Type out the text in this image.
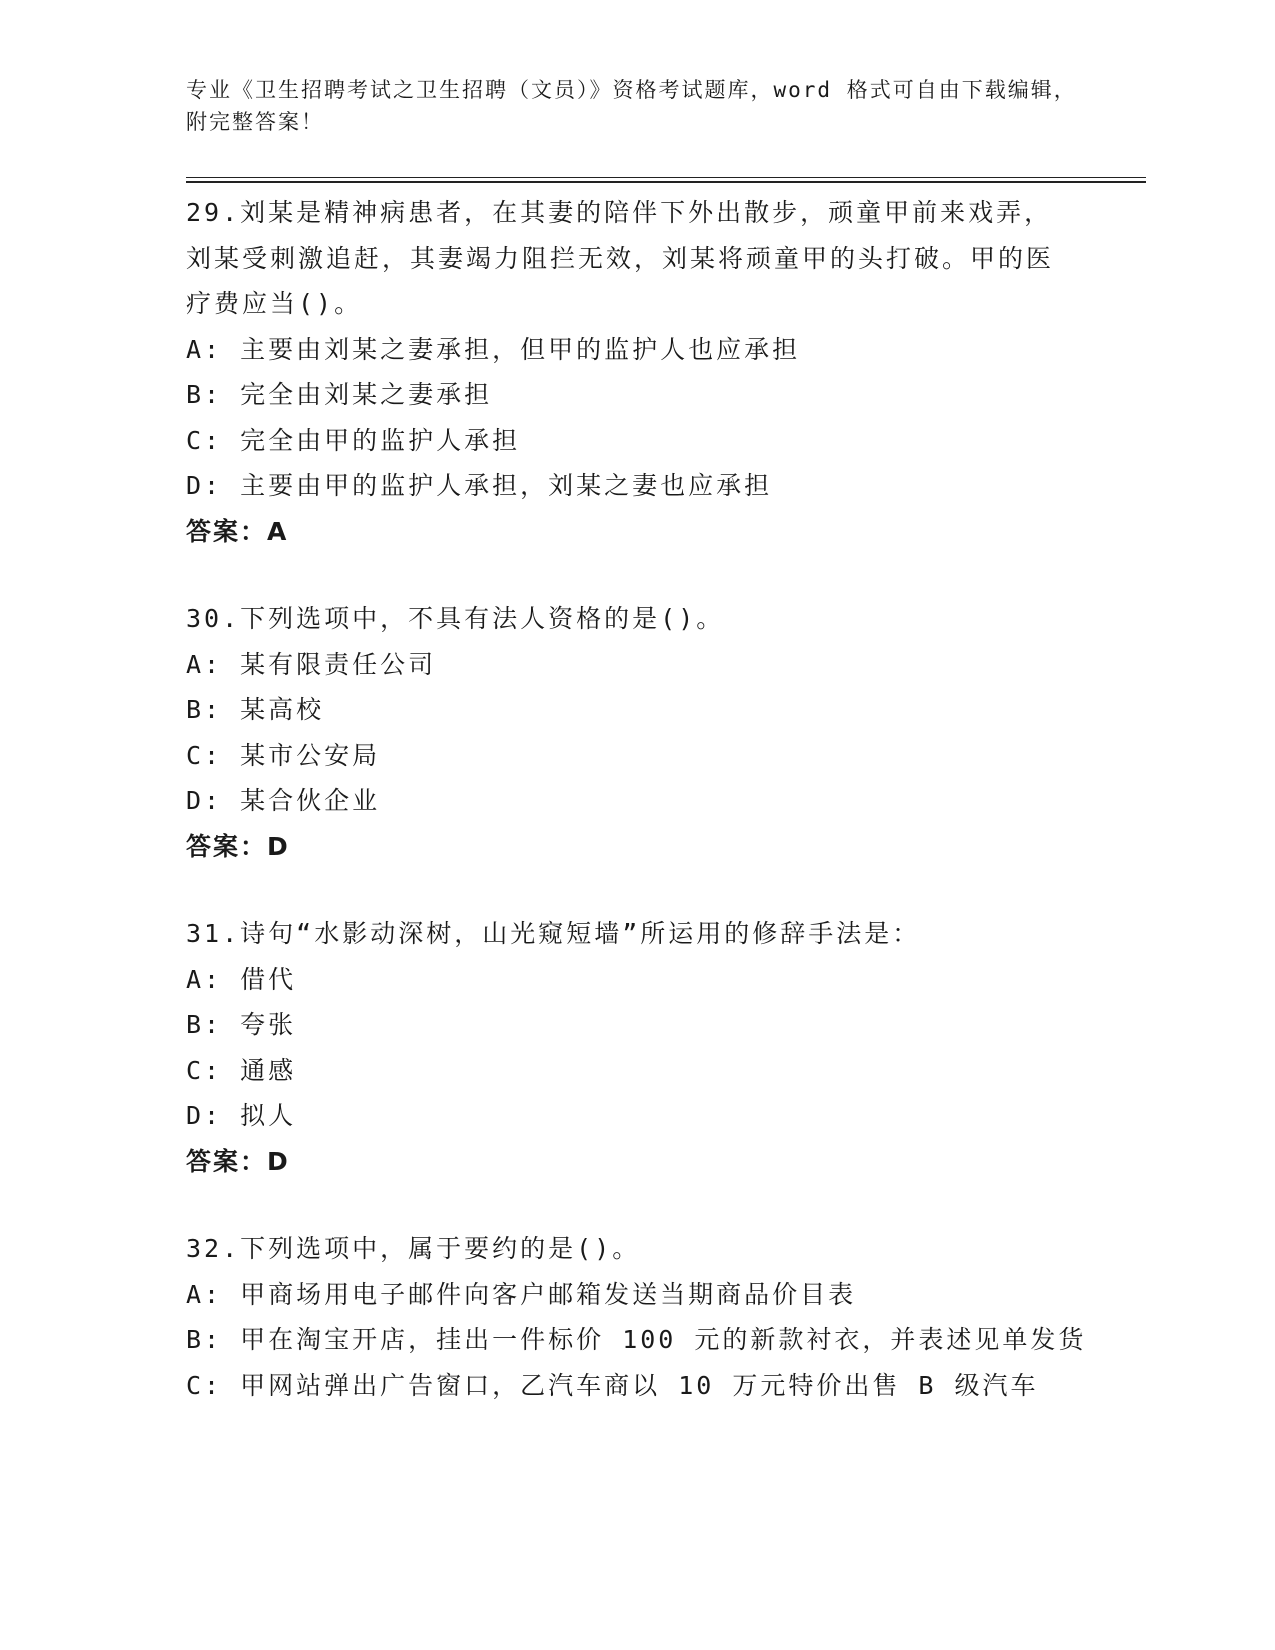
专业《卫生招聘考试之卫生招聘（文员）》资格考试题库，word 格式可自由下载编辑，附完整答案！
29.刘某是精神病患者，在其妻的陪伴下外出散步，顽童甲前来戏弄，刘某受刺激追赶，其妻竭力阻拦无效，刘某将顽童甲的头打破。甲的医疗费应当()。
A: 主要由刘某之妻承担，但甲的监护人也应承担
B: 完全由刘某之妻承担
C: 完全由甲的监护人承担
D: 主要由甲的监护人承担，刘某之妻也应承担
答案：A
30.下列选项中，不具有法人资格的是()。
A: 某有限责任公司
B: 某高校
C: 某市公安局
D: 某合伙企业
答案：D
31.诗句“水影动深树，山光窥短墙”所运用的修辞手法是：
A: 借代
B: 夸张
C: 通感
D: 拟人
答案：D
32.下列选项中，属于要约的是()。
A: 甲商场用电子邮件向客户邮箱发送当期商品价目表
B: 甲在淘宝开店，挂出一件标价 100 元的新款衬衣，并表述见单发货
C: 甲网站弹出广告窗口，乙汽车商以 10 万元特价出售 B 级汽车
